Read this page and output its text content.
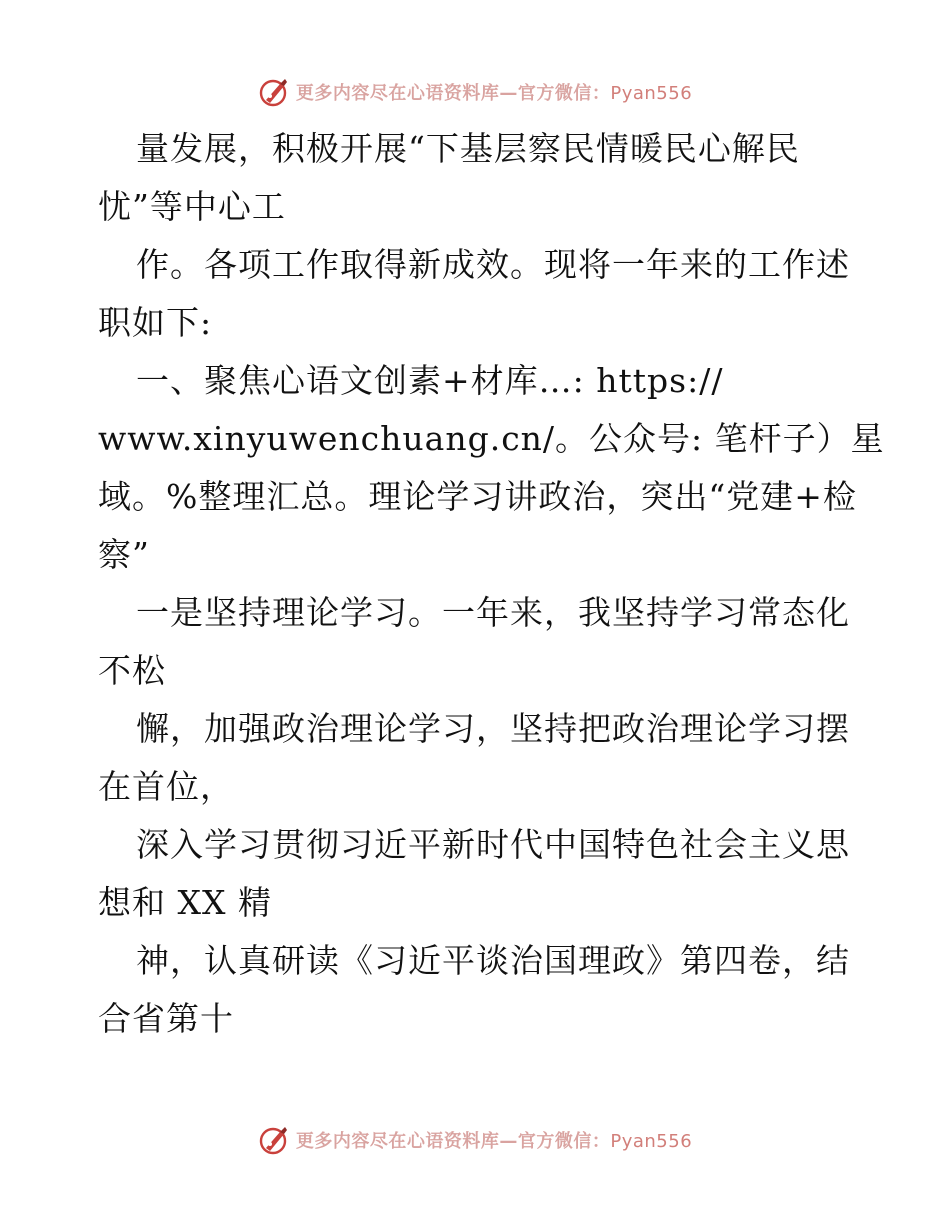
更多内容尽在心语资料库—官方微信：Pyan556
量发展，积极开展“下基层察民情暖民心解民
忧”等中心工
作。各项工作取得新成效。现将一年来的工作述
职如下:
一、聚焦心语文创素+材库…: https://
www.xinyuwenchuang.cn/。公众号: 笔杆子）星
域。%整理汇总。理论学习讲政治，突出“党建+检
察”
一是坚持理论学习。一年来，我坚持学习常态化
不松
懈，加强政治理论学习，坚持把政治理论学习摆
在首位，
深入学习贯彻习近平新时代中国特色社会主义思
想和 XX 精
神，认真研读《习近平谈治国理政》第四卷，结
合省第十
更多内容尽在心语资料库—官方微信：Pyan556
